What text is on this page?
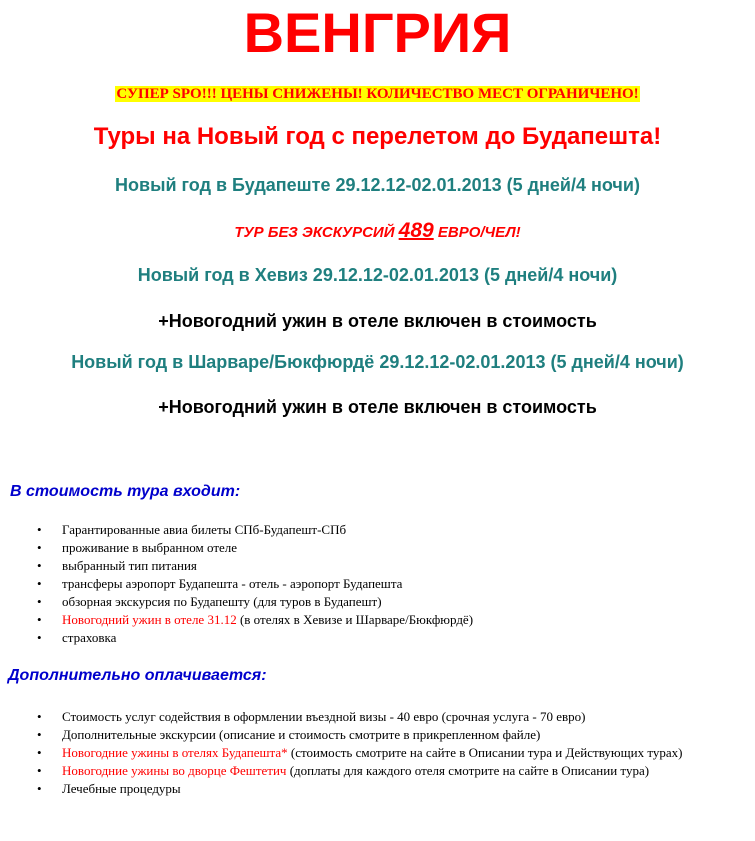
ВЕНГРИЯ
СУПЕР SPO!!! ЦЕНЫ СНИЖЕНЫ! КОЛИЧЕСТВО МЕСТ ОГРАНИЧЕНО!
Туры на Новый год с перелетом до Будапешта!
Новый год в Будапеште 29.12.12-02.01.2013 (5 дней/4 ночи)
ТУР БЕЗ ЭКСКУРСИЙ 489 ЕВРО/ЧЕЛ!
Новый год в Хевиз 29.12.12-02.01.2013 (5 дней/4 ночи)
+Новогодний ужин в отеле включен в стоимость
Новый год в Шарваре/Бюкфюрдё 29.12.12-02.01.2013 (5 дней/4 ночи)
+Новогодний ужин в отеле включен в стоимость
В стоимость тура входит:
• Гарантированные авиа билеты СПб-Будапешт-СПб
• проживание в выбранном отеле
• выбранный тип питания
• трансферы аэропорт Будапешта - отель - аэропорт Будапешта
• обзорная экскурсия по Будапешту (для туров в Будапешт)
• Новогодний ужин в отеле 31.12 (в отелях в Хевизе и Шарваре/Бюкфюрдё)
• страховка
Дополнительно оплачивается:
• Стоимость услуг содействия в оформлении въездной визы - 40 евро (срочная услуга - 70 евро)
• Дополнительные экскурсии (описание и стоимость смотрите в прикрепленном файле)
• Новогодние ужины в отелях Будапешта* (стоимость смотрите на сайте в Описании тура и Действующих турах)
• Новогодние ужины во дворце Фештетич (доплаты для каждого отеля смотрите на сайте в Описании тура)
• Лечебные процедуры
